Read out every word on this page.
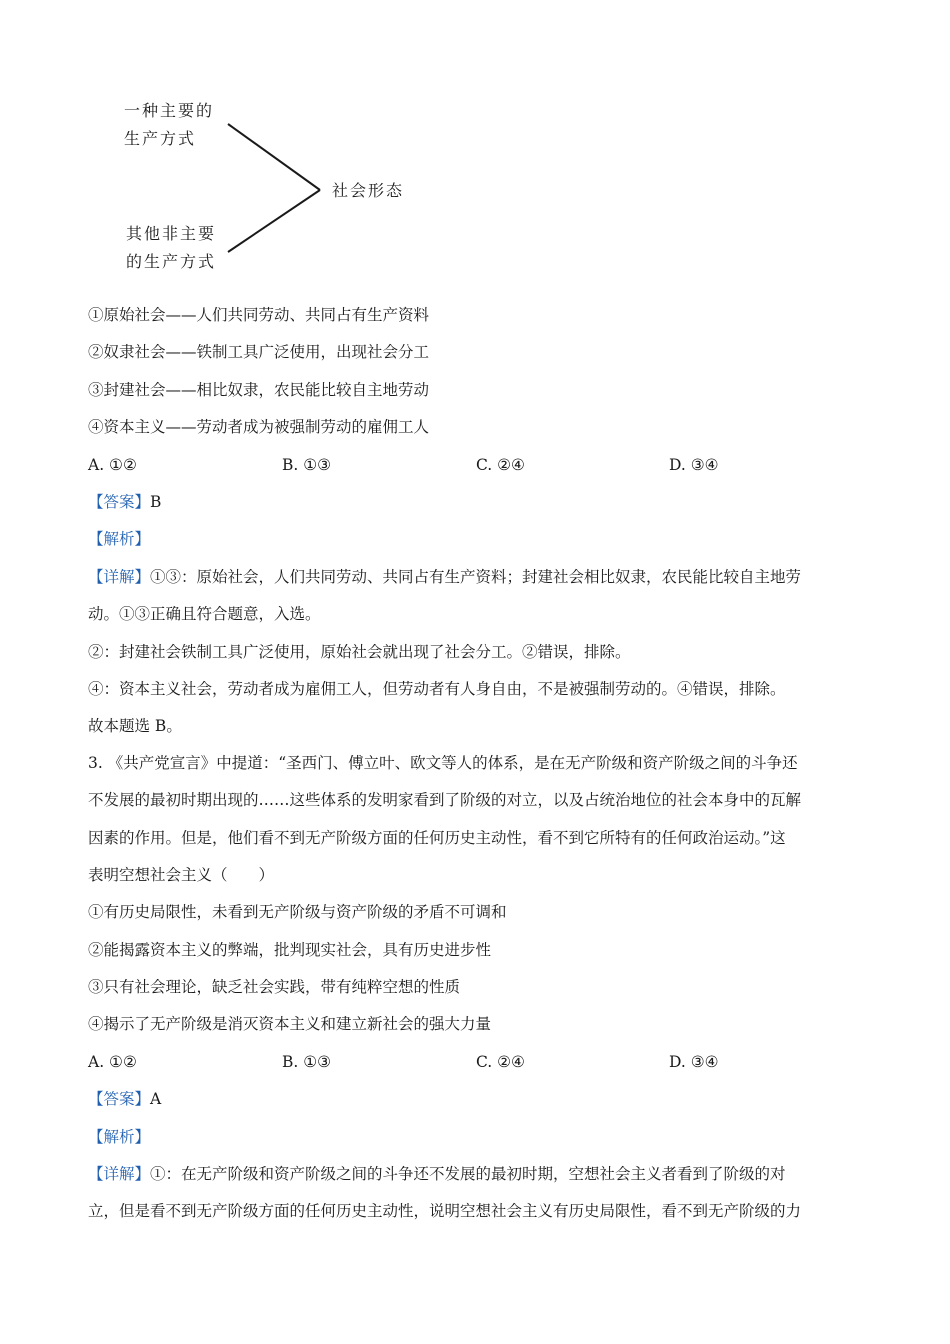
一种主要的
生产方式
社会形态
其他非主要
的生产方式
①原始社会——人们共同劳动、共同占有生产资料
②奴隶社会——铁制工具广泛使用，出现社会分工
③封建社会——相比奴隶，农民能比较自主地劳动
④资本主义——劳动者成为被强制劳动的雇佣工人
A. ①②	B. ①③	C. ②④	D. ③④
【答案】B
【解析】
【详解】①③：原始社会，人们共同劳动、共同占有生产资料；封建社会相比奴隶，农民能比较自主地劳
动。①③正确且符合题意，入选。
②：封建社会铁制工具广泛使用，原始社会就出现了社会分工。②错误，排除。
④：资本主义社会，劳动者成为雇佣工人，但劳动者有人身自由，不是被强制劳动的。④错误，排除。
故本题选 B。
3. 《共产党宣言》中提道：“圣西门、傅立叶、欧文等人的体系，是在无产阶级和资产阶级之间的斗争还
不发展的最初时期出现的……这些体系的发明家看到了阶级的对立，以及占统治地位的社会本身中的瓦解
因素的作用。但是，他们看不到无产阶级方面的任何历史主动性，看不到它所特有的任何政治运动。”这
表明空想社会主义（　　）
①有历史局限性，未看到无产阶级与资产阶级的矛盾不可调和
②能揭露资本主义的弊端，批判现实社会，具有历史进步性
③只有社会理论，缺乏社会实践，带有纯粹空想的性质
④揭示了无产阶级是消灭资本主义和建立新社会的强大力量
A. ①②	B. ①③	C. ②④	D. ③④
【答案】A
【解析】
【详解】①：在无产阶级和资产阶级之间的斗争还不发展的最初时期，空想社会主义者看到了阶级的对
立，但是看不到无产阶级方面的任何历史主动性，说明空想社会主义有历史局限性，看不到无产阶级的力
